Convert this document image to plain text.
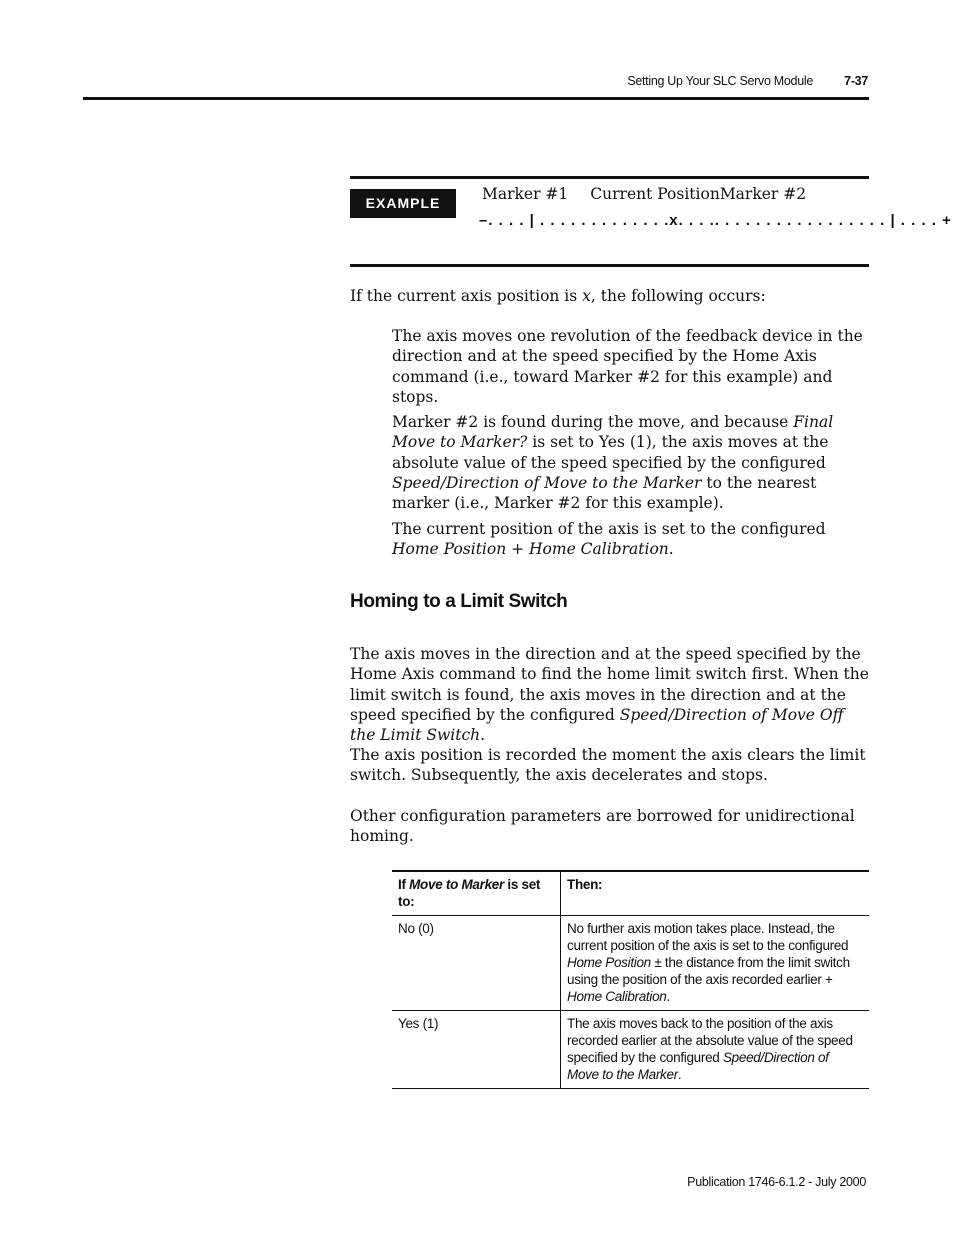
Setting Up Your SLC Servo Module 7-37
EXAMPLE	Marker #1 Current PositionMarker #2
–. . . . | . . . . . . . . . . . . .x. . . .. . . . . . . . . . . . . . . . . | . . . . +

If the current axis position is x, the following occurs:

The axis moves one revolution of the feedback device in the direction and at the speed specified by the Home Axis command (i.e., toward Marker #2 for this example) and stops.

Marker #2 is found during the move, and because Final Move to Marker? is set to Yes (1), the axis moves at the absolute value of the speed specified by the configured Speed/Direction of Move to the Marker to the nearest marker (i.e., Marker #2 for this example).

The current position of the axis is set to the configured Home Position + Home Calibration.

Homing to a Limit Switch

The axis moves in the direction and at the speed specified by the Home Axis command to find the home limit switch first. When the limit switch is found, the axis moves in the direction and at the speed specified by the configured Speed/Direction of Move Off the Limit Switch.

The axis position is recorded the moment the axis clears the limit switch. Subsequently, the axis decelerates and stops.

Other configuration parameters are borrowed for unidirectional homing.

If Move to Marker is set to:	Then:
No (0)	No further axis motion takes place. Instead, the current position of the axis is set to the configured Home Position ± the distance from the limit switch using the position of the axis recorded earlier + Home Calibration.
Yes (1)	The axis moves back to the position of the axis recorded earlier at the absolute value of the speed specified by the configured Speed/Direction of Move to the Marker.
Publication 1746-6.1.2 - July 2000
